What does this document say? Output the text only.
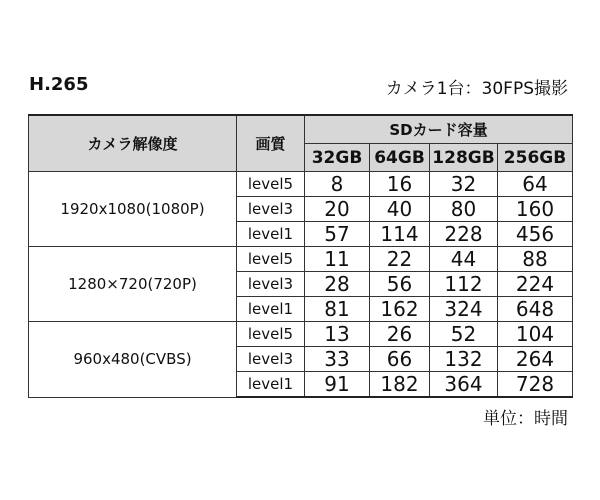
H.265	カメラ1台：30FPS撮影
カメラ解像度	画質	SDカード容量			
		32GB	64GB	128GB	256GB
1920x1080(1080P)	level5	8	16	32	64
	level3	20	40	80	160
	level1	57	114	228	456
1280×720(720P)	level5	11	22	44	88
	level3	28	56	112	224
	level1	81	162	324	648
960x480(CVBS)	level5	13	26	52	104
	level3	33	66	132	264
	level1	91	182	364	728
単位：時間
